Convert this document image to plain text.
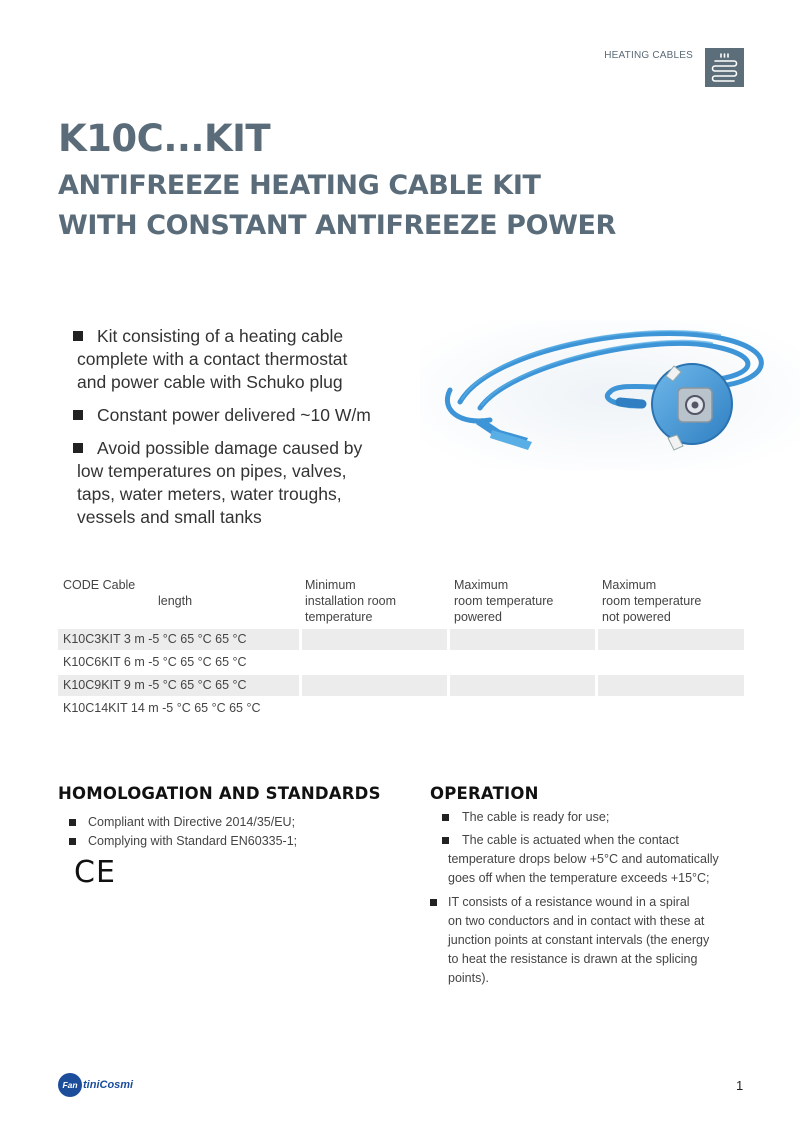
HEATING CABLES
K10C...KIT
ANTIFREEZE HEATING CABLE KIT
WITH CONSTANT ANTIFREEZE POWER
Kit consisting of a heating cable
complete with a contact thermostat
and power cable with Schuko plug
Constant power delivered ~10 W/m
Avoid possible damage caused by
low temperatures on pipes, valves,
taps, water meters, water troughs,
vessels and small tanks
CODE Cable
length
Minimum
installation room
temperature
Maximum
room temperature
powered
Maximum
room temperature
not powered
K10C3KIT 3 m -5 °C 65 °C 65 °C
K10C6KIT 6 m -5 °C 65 °C 65 °C
K10C9KIT 9 m -5 °C 65 °C 65 °C
K10C14KIT 14 m -5 °C 65 °C 65 °C
HOMOLOGATION AND STANDARDS
Compliant with Directive 2014/35/EU;
Complying with Standard EN60335-1;
CE
OPERATION
The cable is ready for use;
The cable is actuated when the contact
temperature drops below +5°C and automatically
goes off when the temperature exceeds +15°C;
IT consists of a resistance wound in a spiral
on two conductors and in contact with these at
junction points at constant intervals (the energy
to heat the resistance is drawn at the splicing
points).
Fan tiniCosmi	1
